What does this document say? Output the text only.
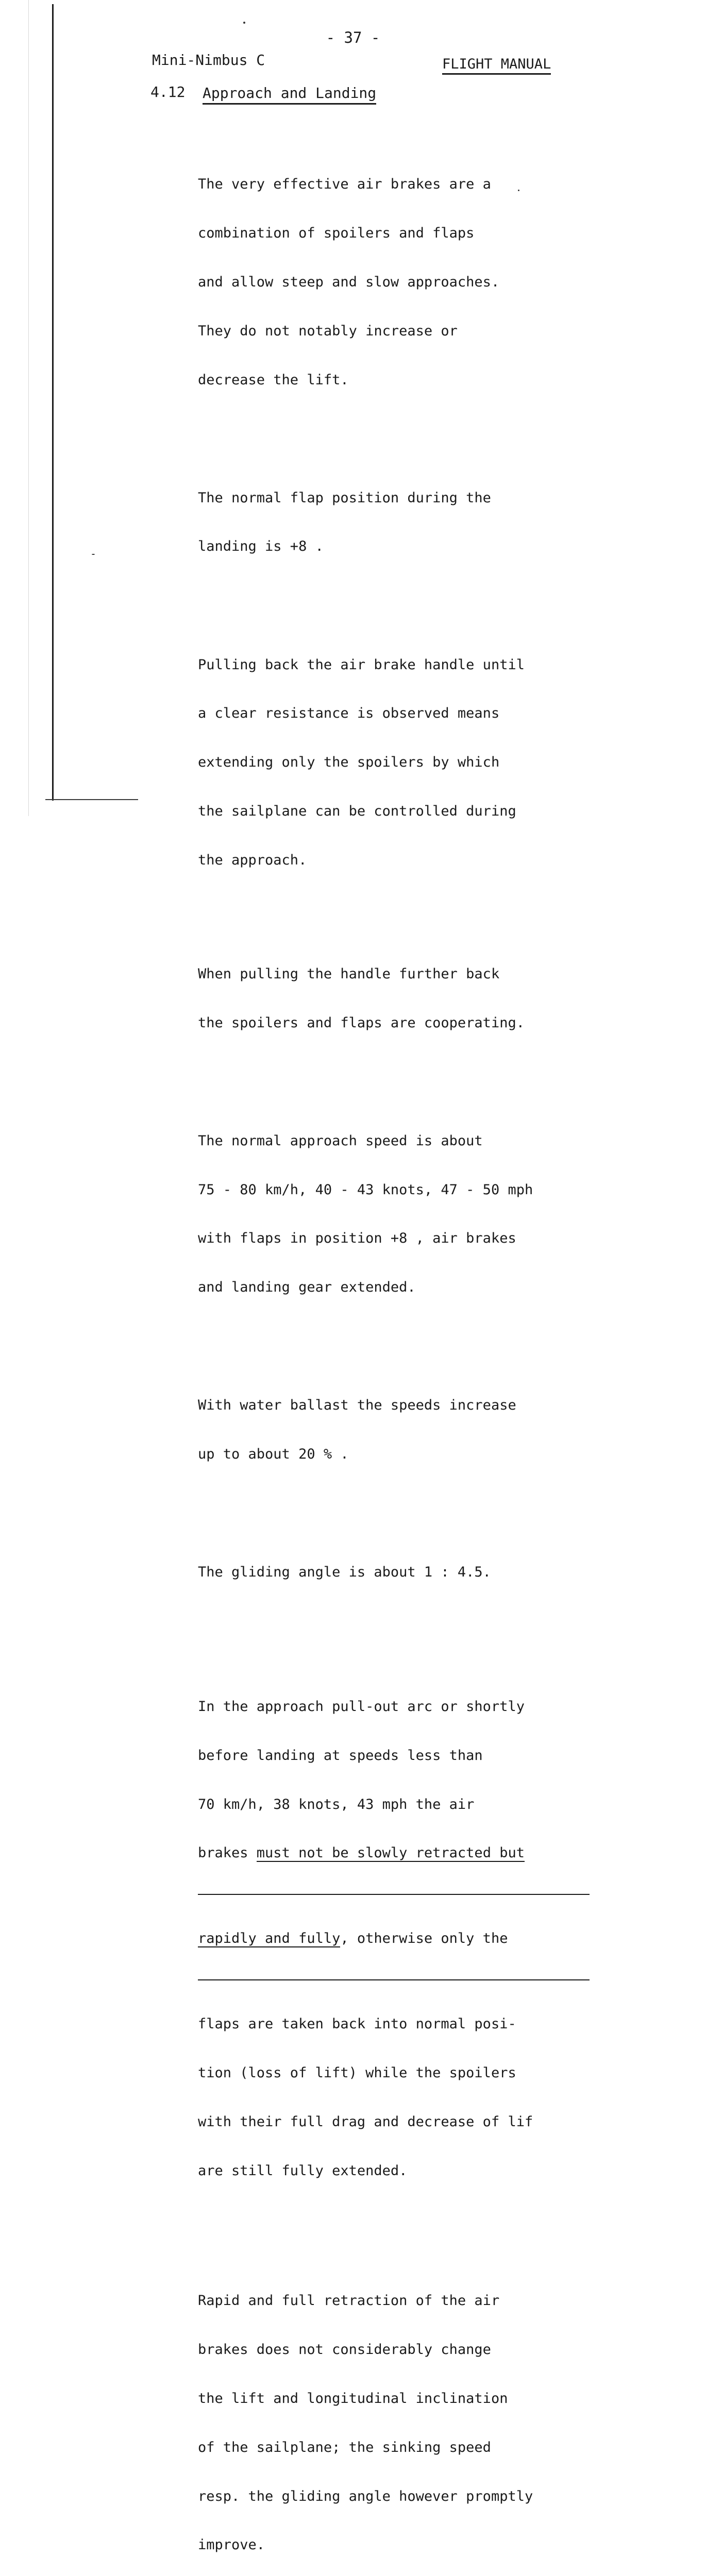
- 37 -
Mini-Nimbus C	FLIGHT MANUAL
4.12 Approach and Landing

The very effective air brakes are a

combination of spoilers and flaps

and allow steep and slow approaches.

They do not notably increase or

decrease the lift.

The normal flap position during the

landing is +8 .

Pulling back the air brake handle until

a clear resistance is observed means

extending only the spoilers by which

the sailplane can be controlled during

the approach.

When pulling the handle further back

the spoilers and flaps are cooperating.

The normal approach speed is about

75 - 80 km/h, 40 - 43 knots, 47 - 50 mph

with flaps in position +8 , air brakes

and landing gear extended.

With water ballast the speeds increase

up to about 20 % .

The gliding angle is about 1 : 4.5.

In the approach pull-out arc or shortly

before landing at speeds less than

70 km/h, 38 knots, 43 mph the air

brakes must not be slowly retracted but

rapidly and fully, otherwise only the

flaps are taken back into normal posi-

tion (loss of lift) while the spoilers

with their full drag and decrease of lif

are still fully extended.

Rapid and full retraction of the air

brakes does not considerably change

the lift and longitudinal inclination

of the sailplane; the sinking speed

resp. the gliding angle however promptly

improve.
